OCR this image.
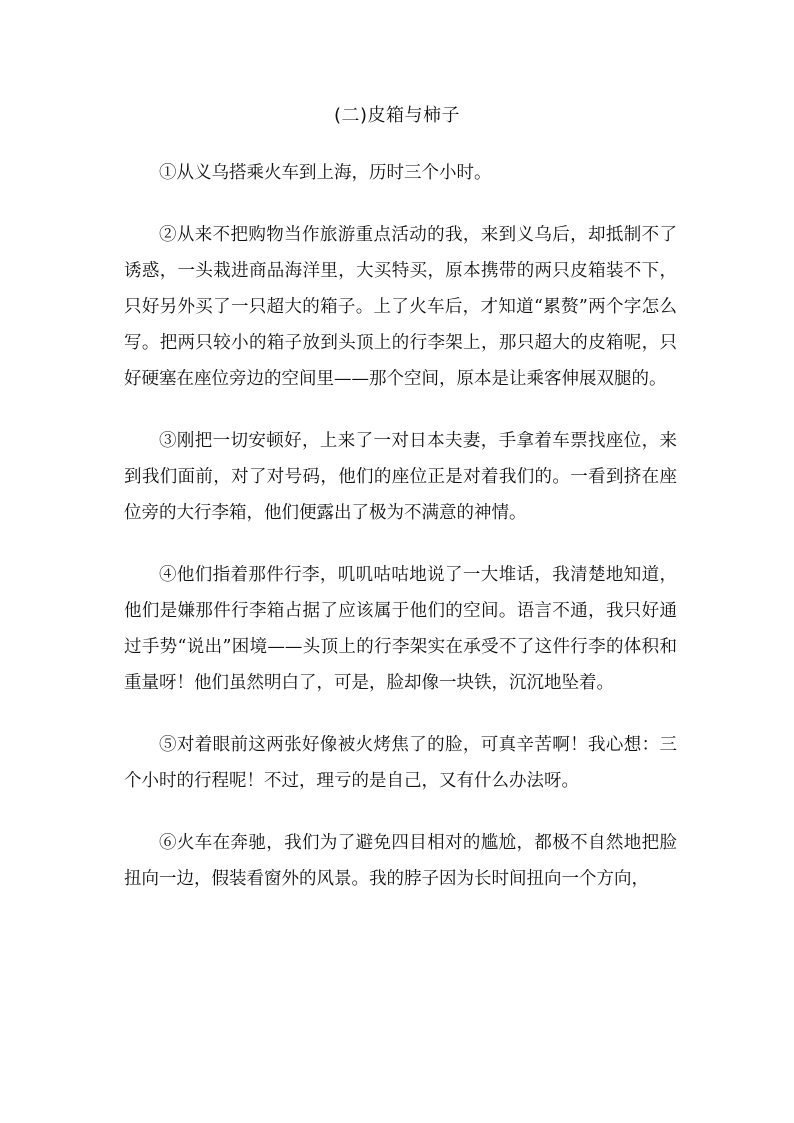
(二)皮箱与柿子

①从义乌搭乘火车到上海，历时三个小时。

②从来不把购物当作旅游重点活动的我，来到义乌后，却抵制不了诱惑，一头栽进商品海洋里，大买特买，原本携带的两只皮箱装不下，只好另外买了一只超大的箱子。上了火车后，才知道“累赘”两个字怎么写。把两只较小的箱子放到头顶上的行李架上，那只超大的皮箱呢，只好硬塞在座位旁边的空间里——那个空间，原本是让乘客伸展双腿的。

③刚把一切安顿好，上来了一对日本夫妻，手拿着车票找座位，来到我们面前，对了对号码，他们的座位正是对着我们的。一看到挤在座位旁的大行李箱，他们便露出了极为不满意的神情。

④他们指着那件行李，叽叽咕咕地说了一大堆话，我清楚地知道，他们是嫌那件行李箱占据了应该属于他们的空间。语言不通，我只好通过手势“说出”困境——头顶上的行李架实在承受不了这件行李的体积和重量呀！他们虽然明白了，可是，脸却像一块铁，沉沉地坠着。

⑤对着眼前这两张好像被火烤焦了的脸，可真辛苦啊！我心想：三个小时的行程呢！不过，理亏的是自己，又有什么办法呀。

⑥火车在奔驰，我们为了避免四目相对的尴尬，都极不自然地把脸扭向一边，假装看窗外的风景。我的脖子因为长时间扭向一个方向，
